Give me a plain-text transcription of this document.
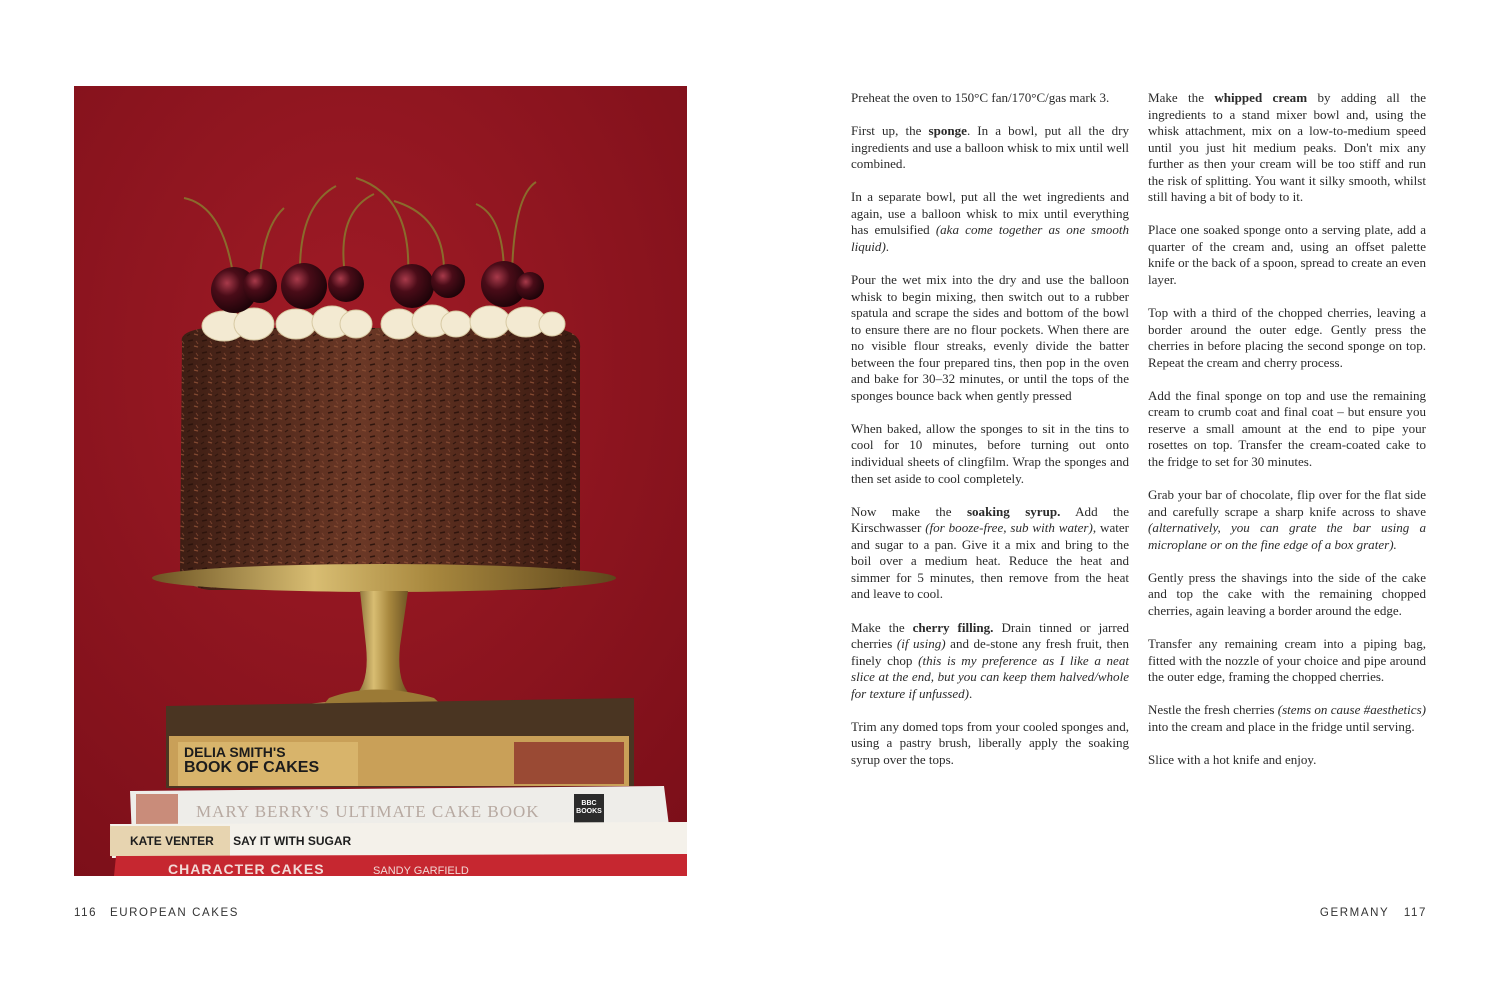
DELIA SMITH'S
BOOK OF CAKES
MARY BERRY'S ULTIMATE CAKE BOOK	BBC BOOKS
KATE VENTER SAY IT WITH SUGAR
CHARACTER CAKES	SANDY GARFIELD
116 EUROPEAN CAKES

Preheat the oven to 150°C fan/170°C/gas mark 3.

First up, the sponge. In a bowl, put all the dry ingredients and use a balloon whisk to mix until well combined.

In a separate bowl, put all the wet ingredients and again, use a balloon whisk to mix until everything has emulsified (aka come together as one smooth liquid).

Pour the wet mix into the dry and use the balloon whisk to begin mixing, then switch out to a rubber spatula and scrape the sides and bottom of the bowl to ensure there are no flour pockets. When there are no visible flour streaks, evenly divide the batter between the four prepared tins, then pop in the oven and bake for 30–32 minutes, or until the tops of the sponges bounce back when gently pressed

When baked, allow the sponges to sit in the tins to cool for 10 minutes, before turning out onto individual sheets of clingfilm. Wrap the sponges and then set aside to cool completely.

Now make the soaking syrup. Add the Kirschwasser (for booze-free, sub with water), water and sugar to a pan. Give it a mix and bring to the boil over a medium heat. Reduce the heat and simmer for 5 minutes, then remove from the heat and leave to cool.

Make the cherry filling. Drain tinned or jarred cherries (if using) and de-stone any fresh fruit, then finely chop (this is my preference as I like a neat slice at the end, but you can keep them halved/whole for texture if unfussed).

Trim any domed tops from your cooled sponges and, using a pastry brush, liberally apply the soaking syrup over the tops.

Make the whipped cream by adding all the ingredients to a stand mixer bowl and, using the whisk attachment, mix on a low-to-medium speed until you just hit medium peaks. Don't mix any further as then your cream will be too stiff and run the risk of splitting. You want it silky smooth, whilst still having a bit of body to it.

Place one soaked sponge onto a serving plate, add a quarter of the cream and, using an offset palette knife or the back of a spoon, spread to create an even layer.

Top with a third of the chopped cherries, leaving a border around the outer edge. Gently press the cherries in before placing the second sponge on top. Repeat the cream and cherry process.

Add the final sponge on top and use the remaining cream to crumb coat and final coat – but ensure you reserve a small amount at the end to pipe your rosettes on top. Transfer the cream-coated cake to the fridge to set for 30 minutes.

Grab your bar of chocolate, flip over for the flat side and carefully scrape a sharp knife across to shave (alternatively, you can grate the bar using a microplane or on the fine edge of a box grater).

Gently press the shavings into the side of the cake and top the cake with the remaining chopped cherries, again leaving a border around the edge.

Transfer any remaining cream into a piping bag, fitted with the nozzle of your choice and pipe around the outer edge, framing the chopped cherries.

Nestle the fresh cherries (stems on cause #aesthetics) into the cream and place in the fridge until serving.

Slice with a hot knife and enjoy.

GERMANY 117
